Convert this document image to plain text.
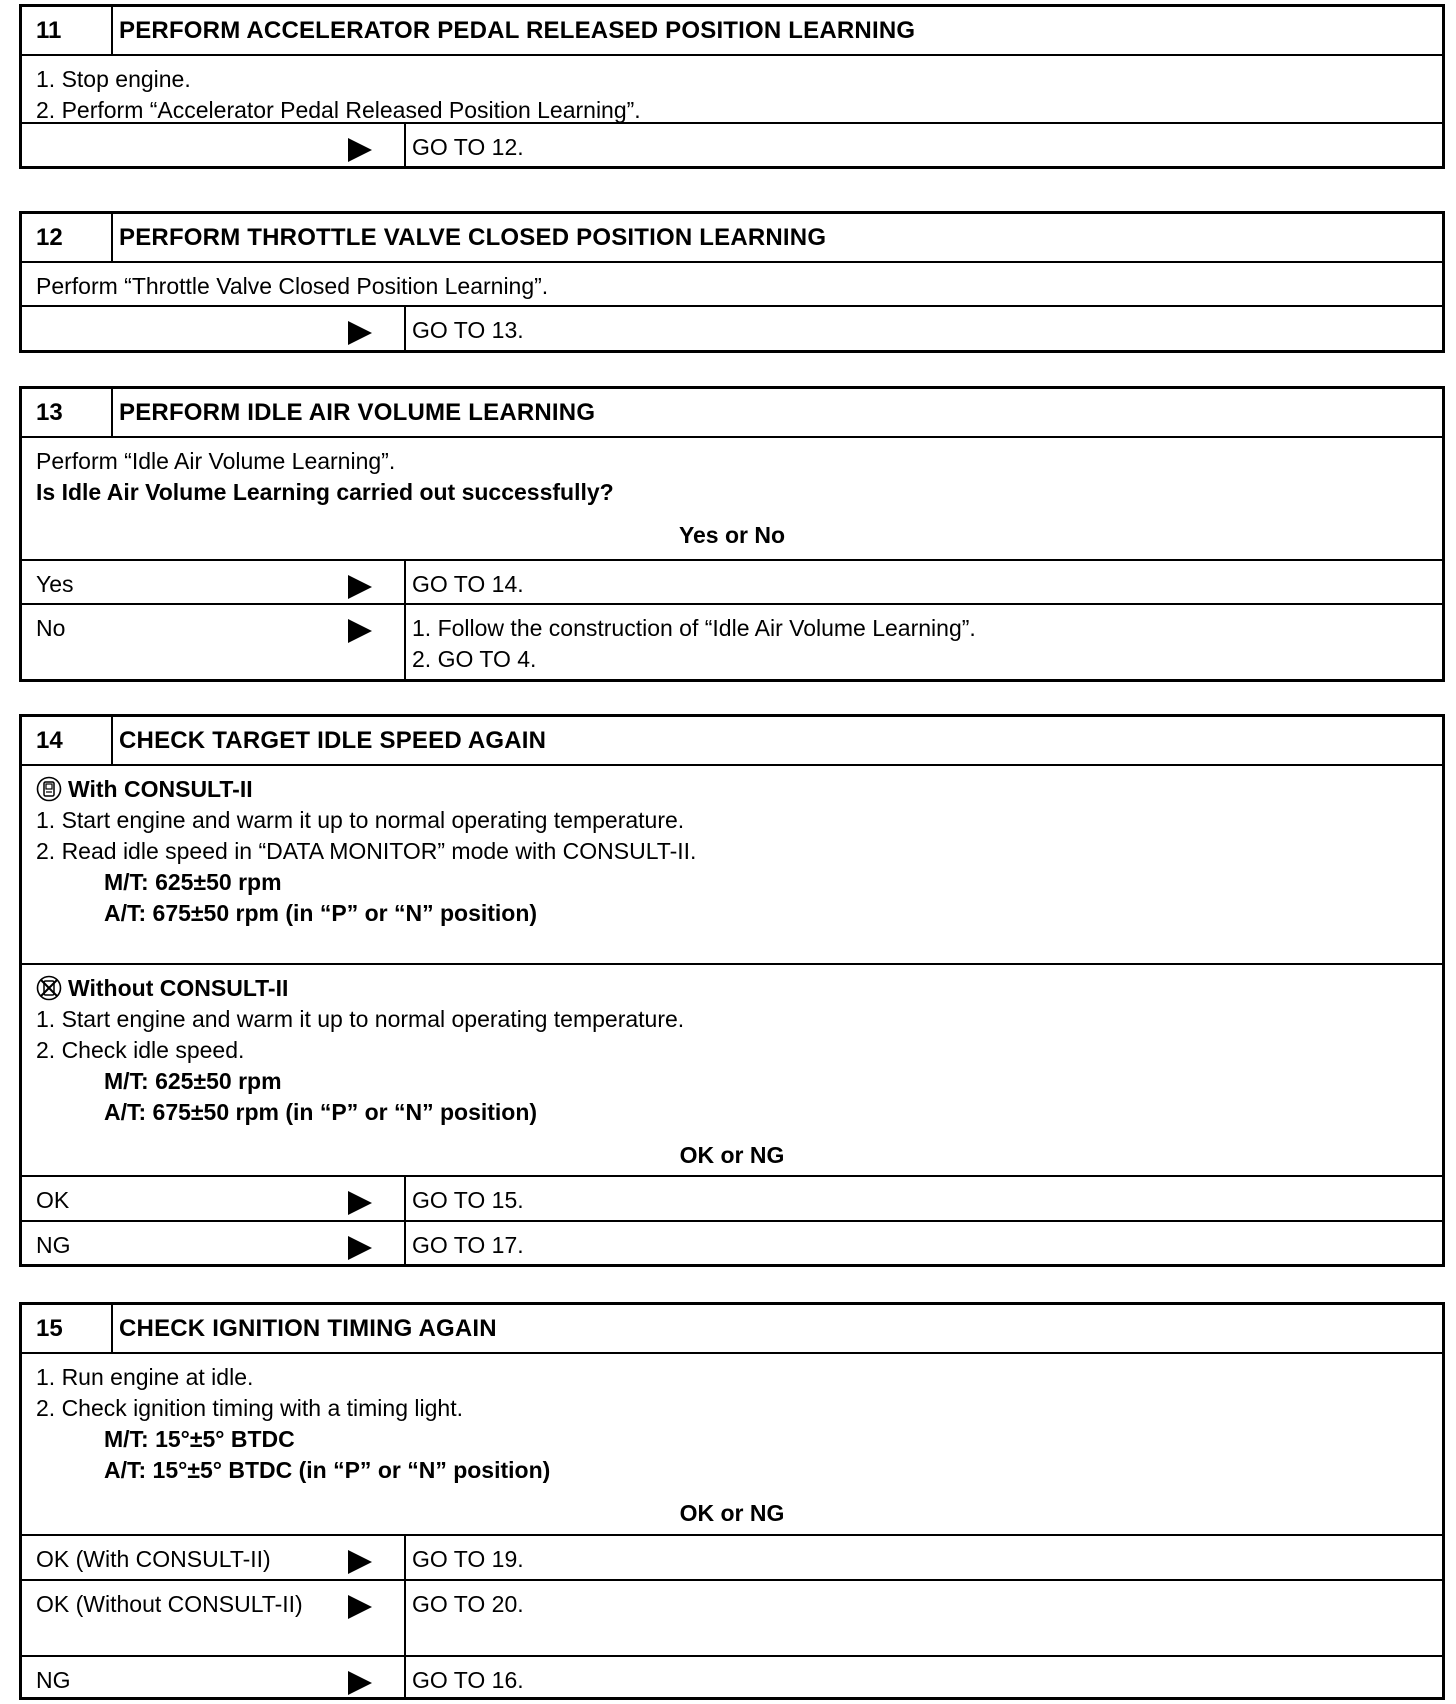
11	PERFORM ACCELERATOR PEDAL RELEASED POSITION LEARNING
1. Stop engine.
2. Perform “Accelerator Pedal Released Position Learning”.
GO TO 12.
12	PERFORM THROTTLE VALVE CLOSED POSITION LEARNING
Perform “Throttle Valve Closed Position Learning”.
GO TO 13.
13	PERFORM IDLE AIR VOLUME LEARNING
Perform “Idle Air Volume Learning”.
Is Idle Air Volume Learning carried out successfully?
Yes or No
Yes	GO TO 14.
No	1. Follow the construction of “Idle Air Volume Learning”.
2. GO TO 4.
14	CHECK TARGET IDLE SPEED AGAIN
With CONSULT-II
1. Start engine and warm it up to normal operating temperature.
2. Read idle speed in “DATA MONITOR” mode with CONSULT-II.
M/T: 625±50 rpm
A/T: 675±50 rpm (in “P” or “N” position)
Without CONSULT-II
1. Start engine and warm it up to normal operating temperature.
2. Check idle speed.
M/T: 625±50 rpm
A/T: 675±50 rpm (in “P” or “N” position)
OK or NG
OK	GO TO 15.
NG	GO TO 17.
15	CHECK IGNITION TIMING AGAIN
1. Run engine at idle.
2. Check ignition timing with a timing light.
M/T: 15°±5° BTDC
A/T: 15°±5° BTDC (in “P” or “N” position)
OK or NG
OK (With CONSULT-II)	GO TO 19.
OK (Without CONSULT-II)	GO TO 20.
NG	GO TO 16.
